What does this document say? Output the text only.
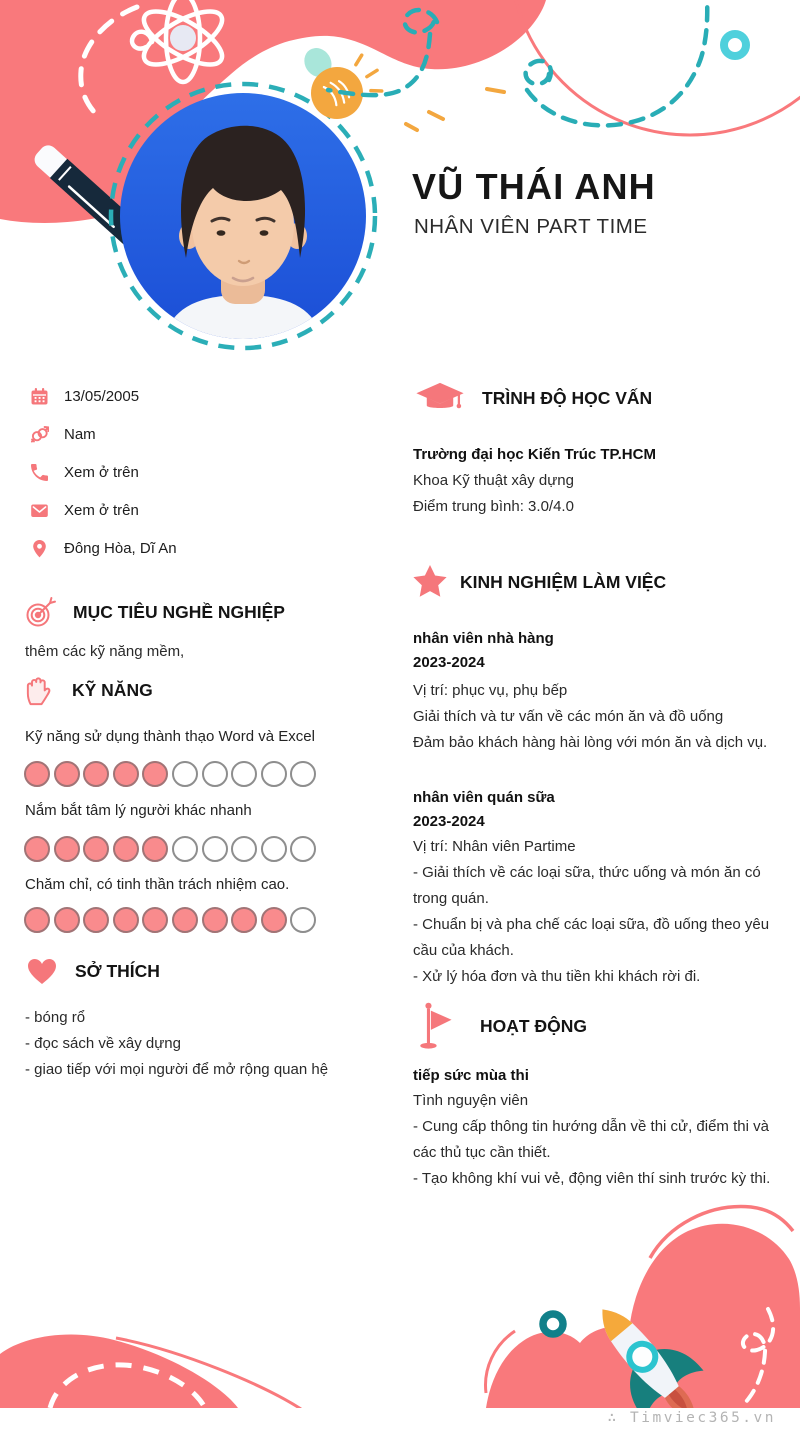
VŨ THÁI ANH
NHÂN VIÊN PART TIME
13/05/2005
Nam
Xem ở trên
Xem ở trên
Đông Hòa, Dĩ An
MỤC TIÊU NGHỀ NGHIỆP
thêm các kỹ năng mềm,
KỸ NĂNG
Kỹ năng sử dụng thành thạo Word và Excel
Nắm bắt tâm lý người khác nhanh
Chăm chỉ, có tinh thần trách nhiệm cao.
SỞ THÍCH
- bóng rổ
- đọc sách về xây dựng
- giao tiếp với mọi người để mở rộng quan hệ
TRÌNH ĐỘ HỌC VẤN
Trường đại học Kiến Trúc TP.HCM
Khoa Kỹ thuật xây dựng
Điểm trung bình: 3.0/4.0
KINH NGHIỆM LÀM VIỆC
nhân viên nhà hàng
2023-2024
Vị trí: phục vụ, phụ bếp
Giải thích và tư vấn về các món ăn và đồ uống
Đảm bảo khách hàng hài lòng với món ăn và dịch vụ.
nhân viên quán sữa
2023-2024
Vị trí: Nhân viên Partime
- Giải thích về các loại sữa, thức uống và món ăn có trong quán.
- Chuẩn bị và pha chế các loại sữa, đồ uống theo yêu cầu của khách.
- Xử lý hóa đơn và thu tiền khi khách rời đi.
HOẠT ĐỘNG
tiếp sức mùa thi
Tình nguyện viên
- Cung cấp thông tin hướng dẫn về thi cử, điểm thi và các thủ tục cần thiết.
- Tạo không khí vui vẻ, động viên thí sinh trước kỳ thi.
∴ Timviec365.vn
